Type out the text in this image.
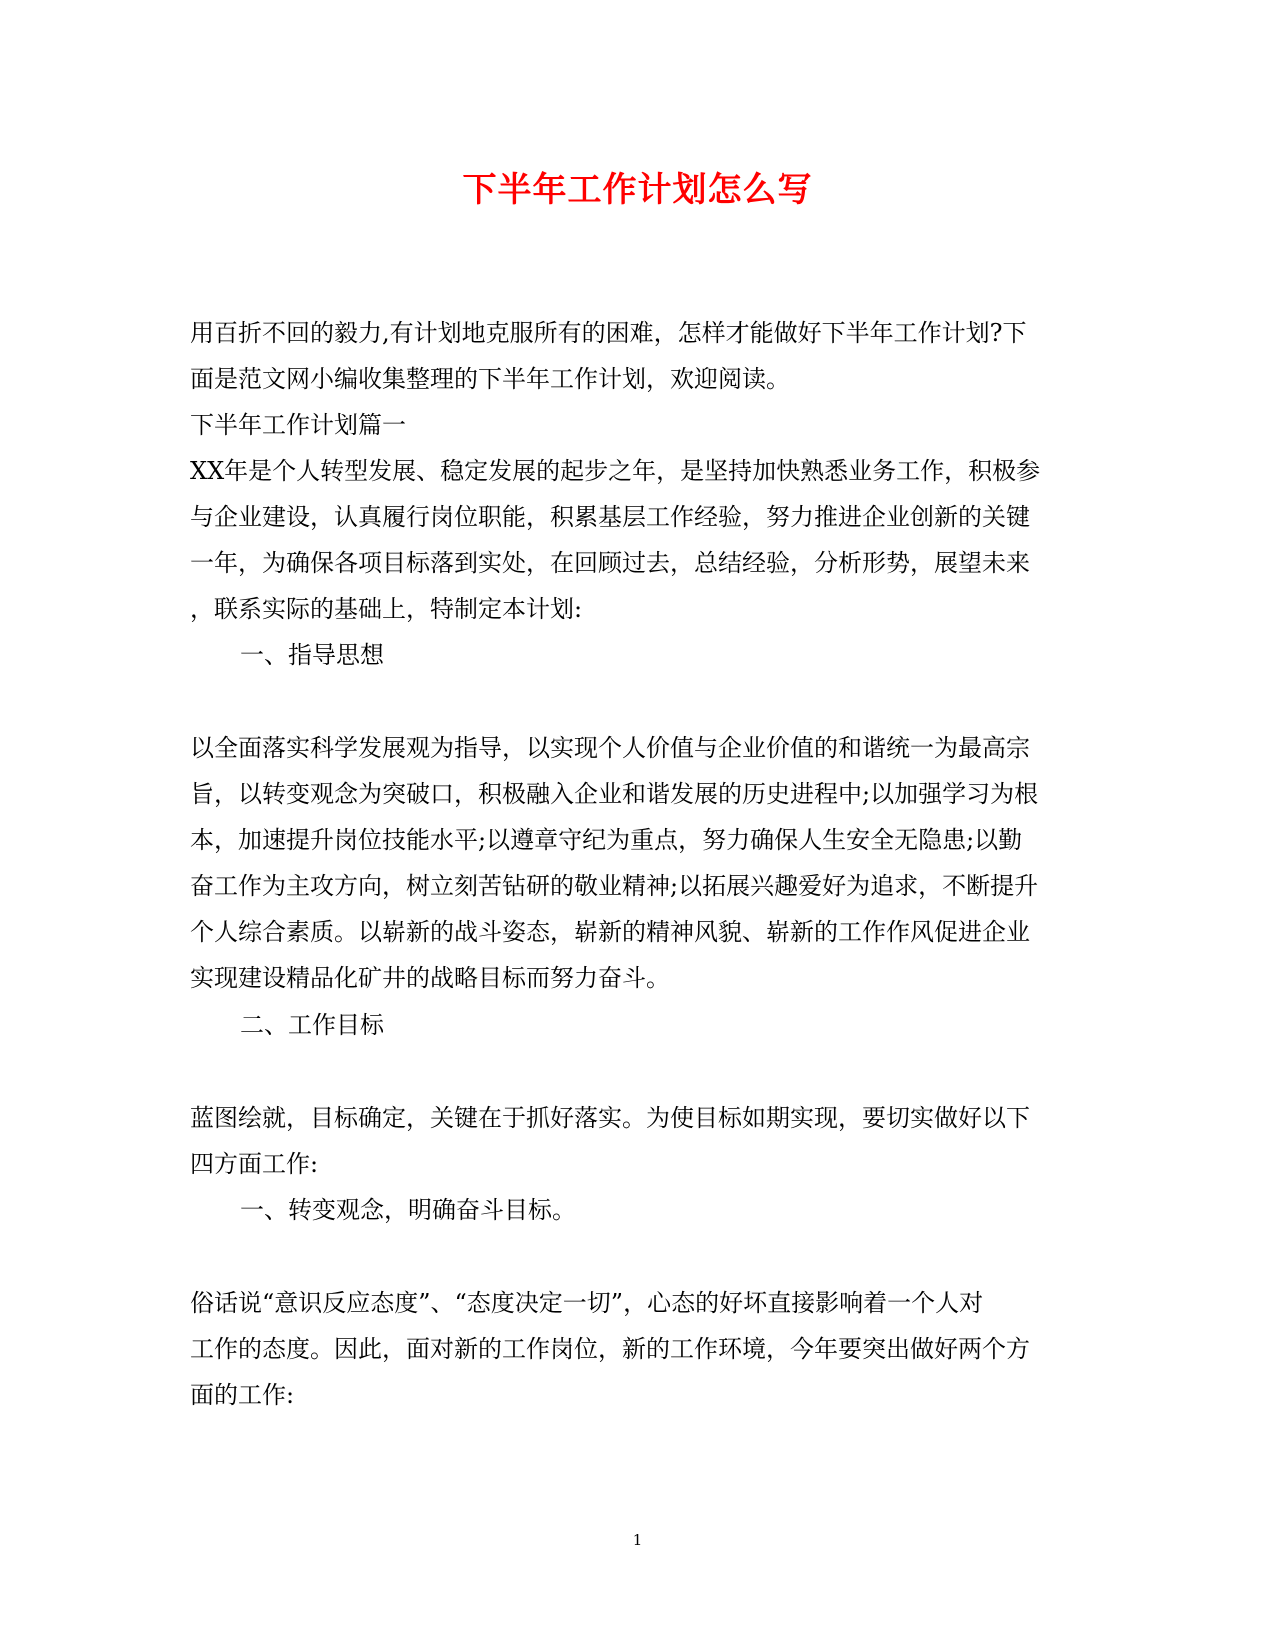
下半年工作计划怎么写
用百折不回的毅力,有计划地克服所有的困难，怎样才能做好下半年工作计划?下
面是范文网小编收集整理的下半年工作计划，欢迎阅读。
下半年工作计划篇一
XX年是个人转型发展、稳定发展的起步之年，是坚持加快熟悉业务工作，积极参
与企业建设，认真履行岗位职能，积累基层工作经验，努力推进企业创新的关键
一年，为确保各项目标落到实处，在回顾过去，总结经验，分析形势，展望未来
，联系实际的基础上，特制定本计划:
一、指导思想
以全面落实科学发展观为指导，以实现个人价值与企业价值的和谐统一为最高宗
旨，以转变观念为突破口，积极融入企业和谐发展的历史进程中;以加强学习为根
本，加速提升岗位技能水平;以遵章守纪为重点，努力确保人生安全无隐患;以勤
奋工作为主攻方向，树立刻苦钻研的敬业精神;以拓展兴趣爱好为追求，不断提升
个人综合素质。以崭新的战斗姿态，崭新的精神风貌、崭新的工作作风促进企业
实现建设精品化矿井的战略目标而努力奋斗。
二、工作目标
蓝图绘就，目标确定，关键在于抓好落实。为使目标如期实现，要切实做好以下
四方面工作:
一、转变观念，明确奋斗目标。
俗话说“意识反应态度”、“态度决定一切”，心态的好坏直接影响着一个人对
工作的态度。因此，面对新的工作岗位，新的工作环境，今年要突出做好两个方
面的工作:
1
